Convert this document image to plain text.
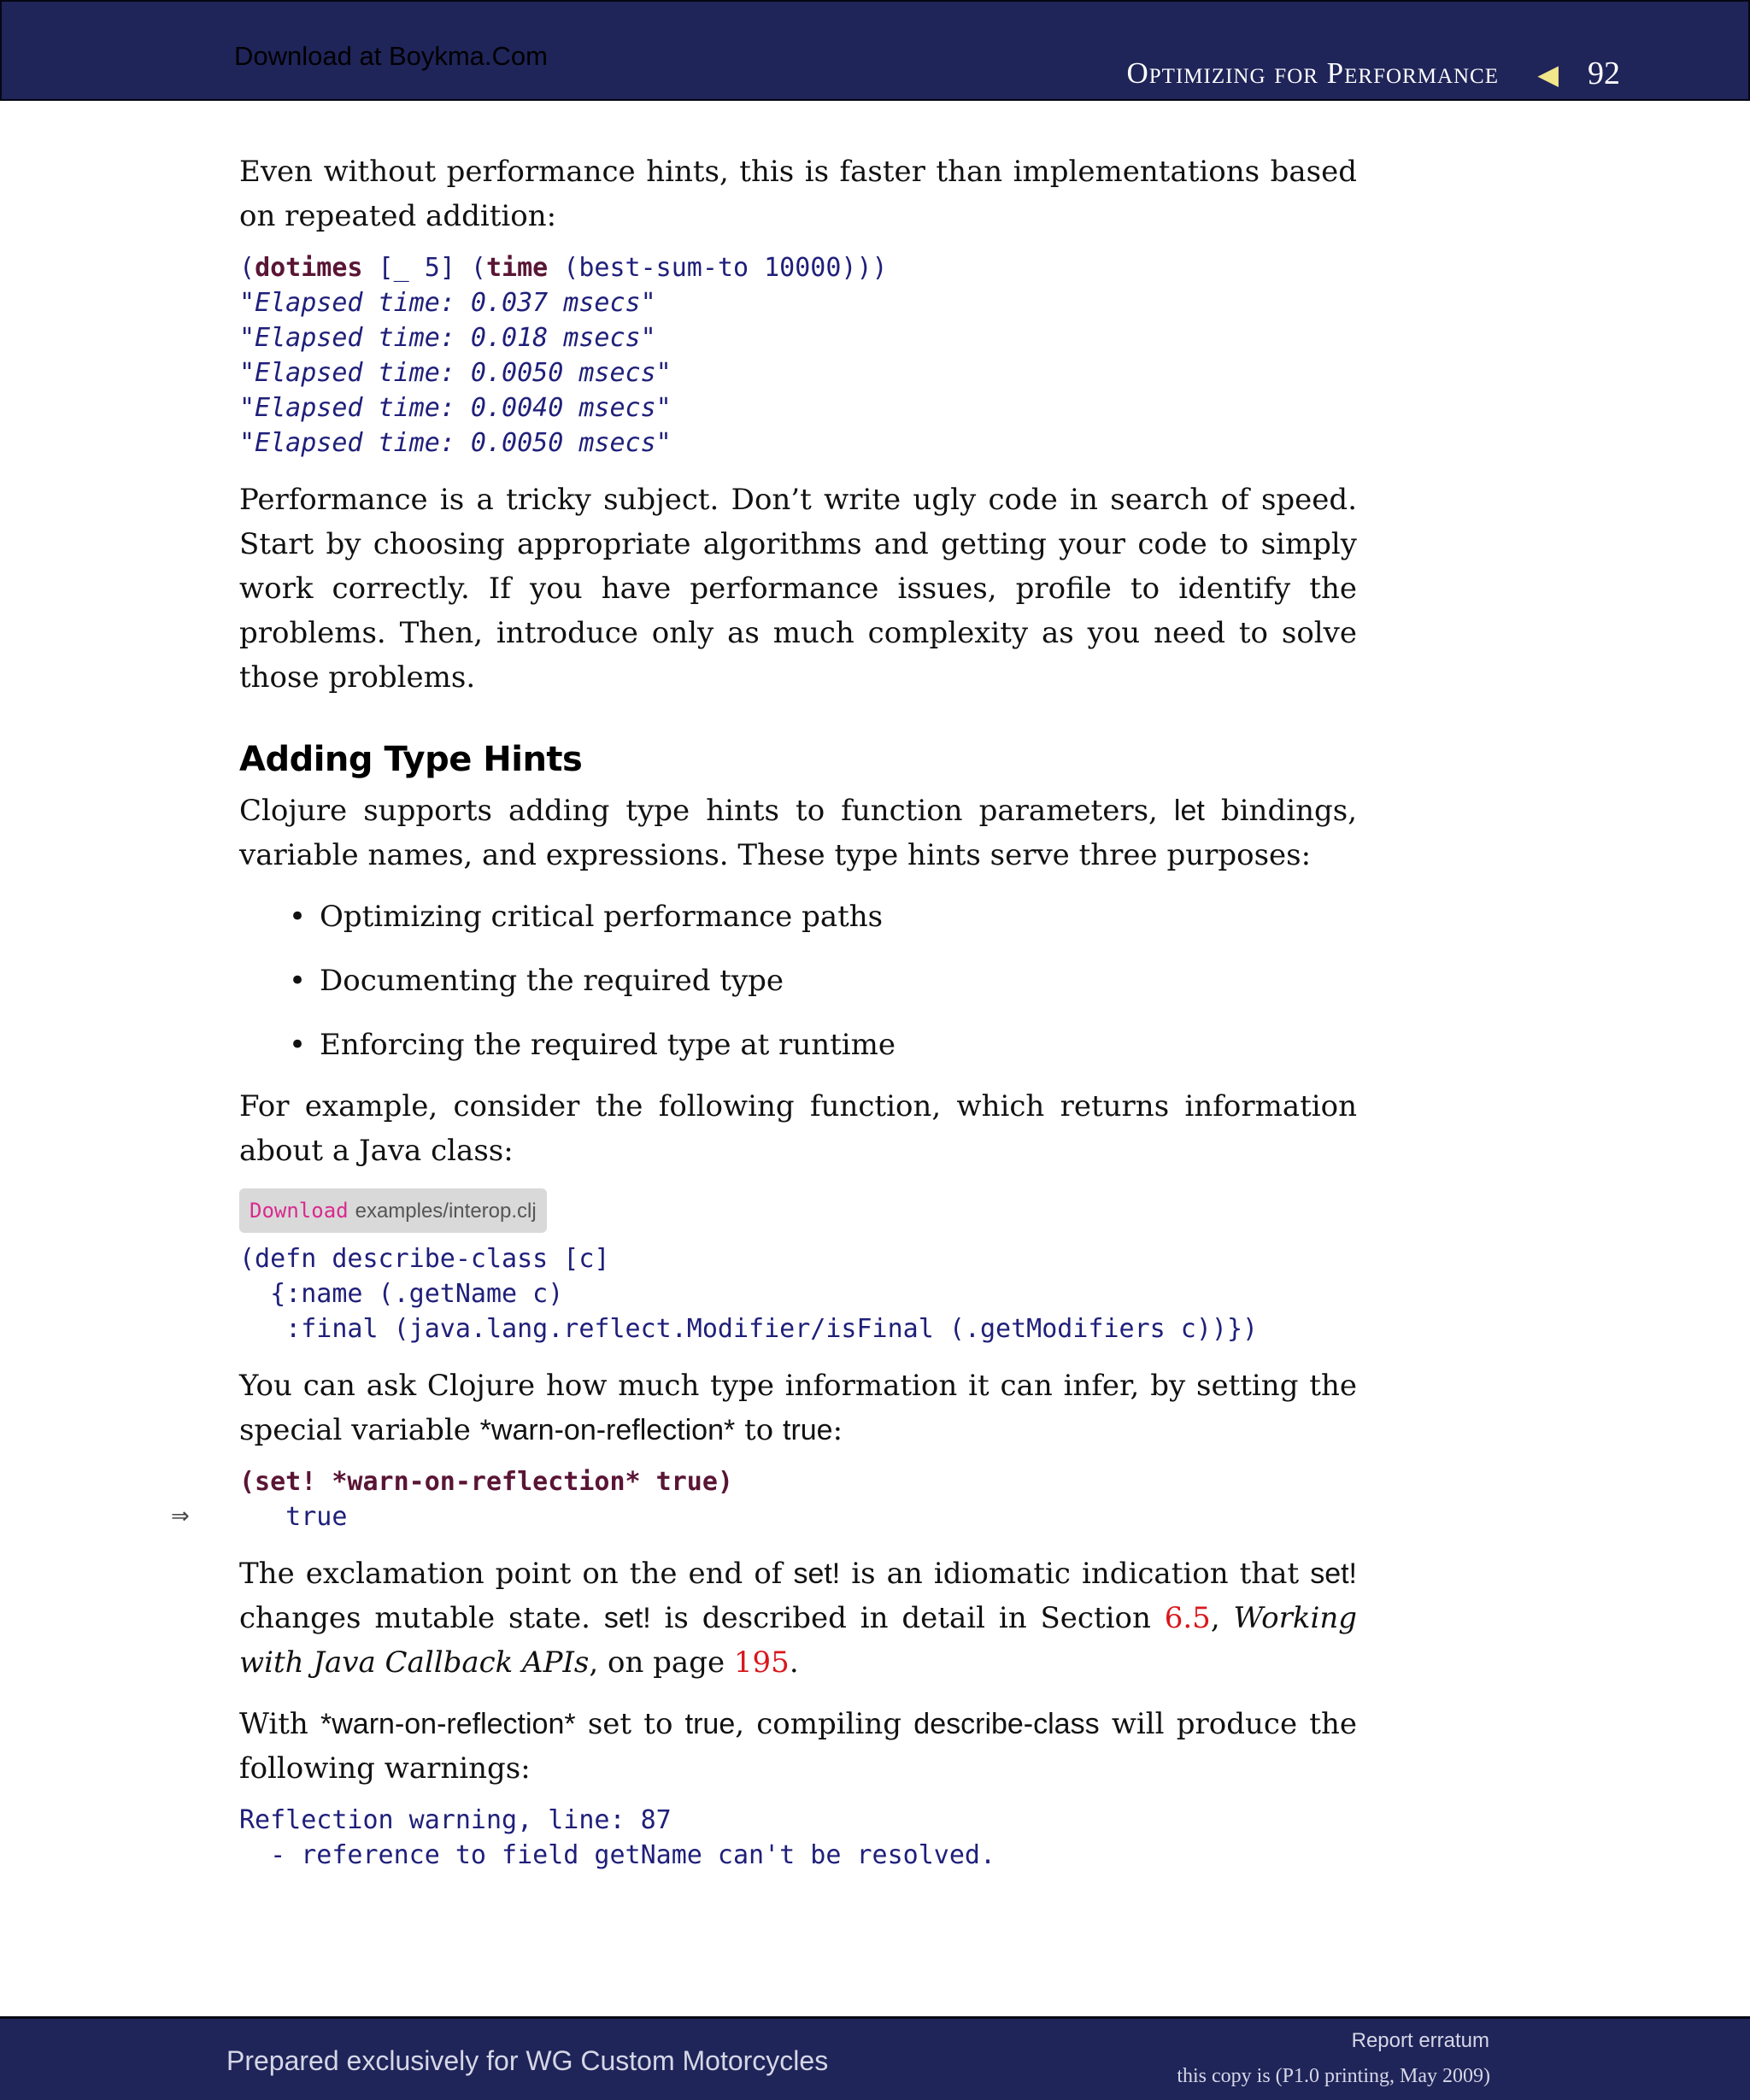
Download at Boykma.Com
Optimizing for Performance ◀ 92

Even without performance hints, this is faster than implementations based on repeated addition:

(dotimes [_ 5] (time (best-sum-to 10000)))
"Elapsed time: 0.037 msecs"
"Elapsed time: 0.018 msecs"
"Elapsed time: 0.0050 msecs"
"Elapsed time: 0.0040 msecs"
"Elapsed time: 0.0050 msecs"

Performance is a tricky subject. Don’t write ugly code in search of speed. Start by choosing appropriate algorithms and getting your code to simply work correctly. If you have performance issues, profile to identify the problems. Then, introduce only as much complexity as you need to solve those problems.

Adding Type Hints

Clojure supports adding type hints to function parameters, let bindings, variable names, and expressions. These type hints serve three purposes:

• Optimizing critical performance paths
• Documenting the required type
• Enforcing the required type at runtime

For example, consider the following function, which returns information about a Java class:

Download examples/interop.clj
(defn describe-class [c]
{:name (.getName c)
:final (java.lang.reflect.Modifier/isFinal (.getModifiers c))})

You can ask Clojure how much type information it can infer, by setting the special variable *warn-on-reflection* to true:

(set! *warn-on-reflection* true)
true
⇒

The exclamation point on the end of set! is an idiomatic indication that set! changes mutable state. set! is described in detail in Section 6.5, Working with Java Callback APIs, on page 195.

With *warn-on-reflection* set to true, compiling describe-class will produce the following warnings:

Reflection warning, line: 87
- reference to field getName can't be resolved.
Prepared exclusively for WG Custom Motorcycles
Report erratum
this copy is (P1.0 printing, May 2009)
